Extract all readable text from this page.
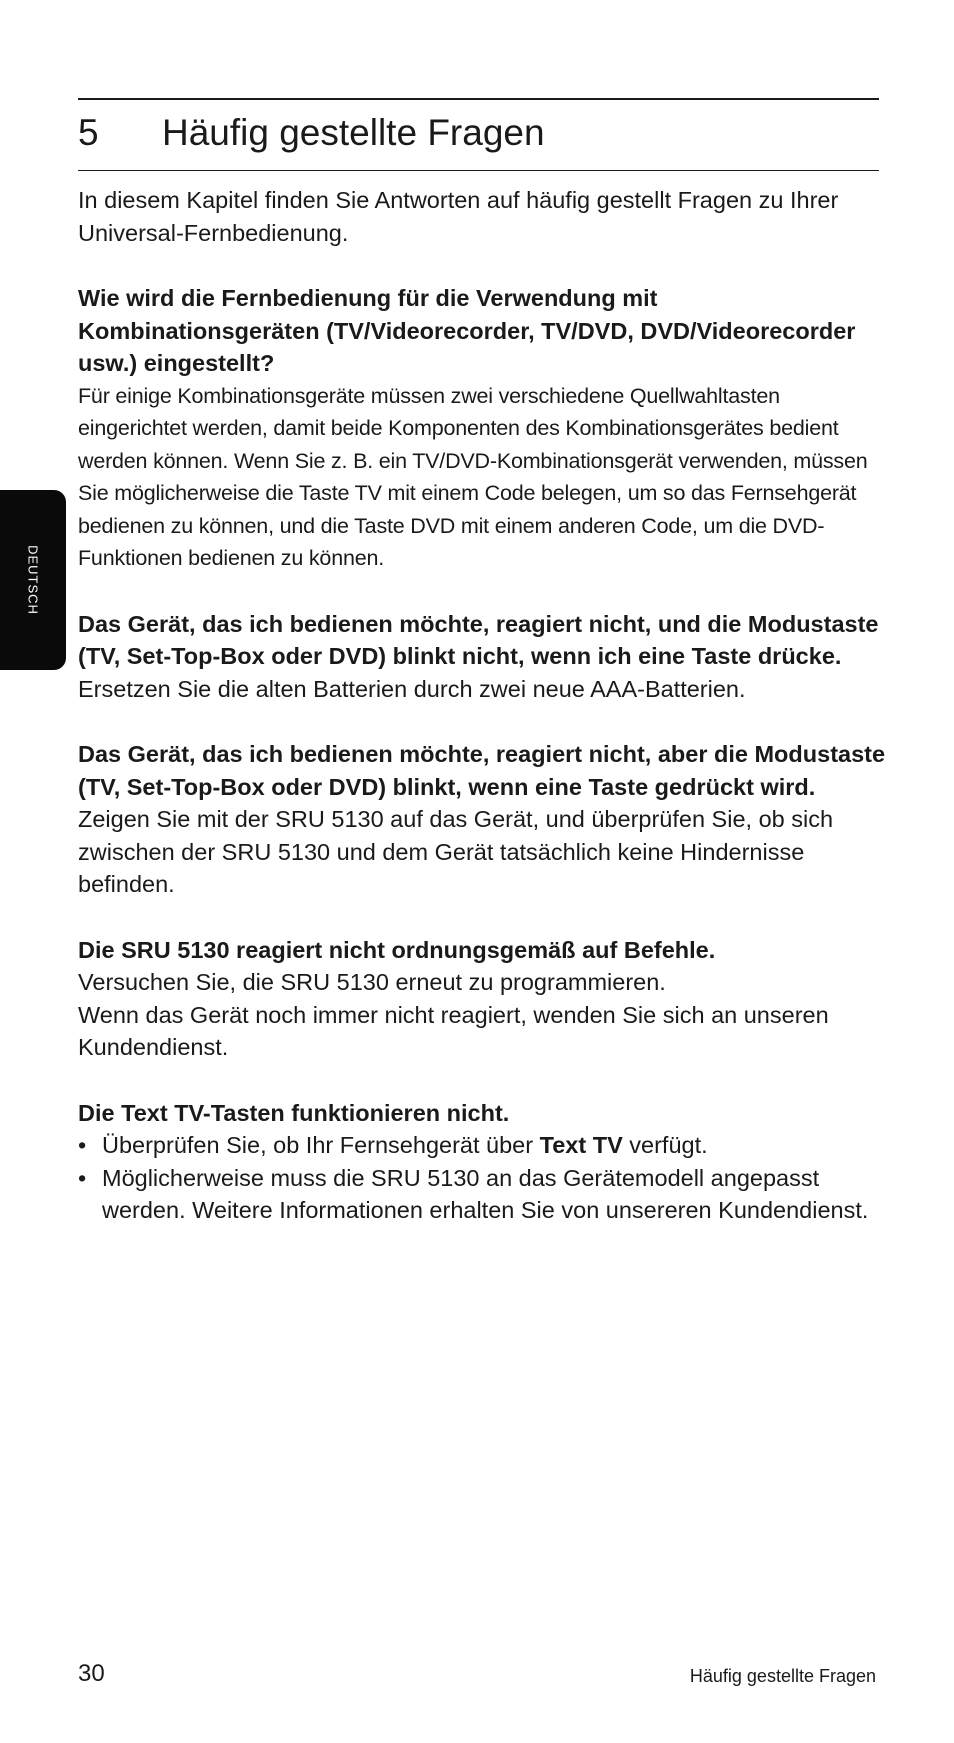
5 Häufig gestellte Fragen
DEUTSCH

In diesem Kapitel finden Sie Antworten auf häufig gestellt Fragen zu Ihrer Universal-Fernbedienung.

Wie wird die Fernbedienung für die Verwendung mit Kombinationsgeräten (TV/Videorecorder, TV/DVD, DVD/Videorecorder usw.) eingestellt?

Für einige Kombinationsgeräte müssen zwei verschiedene Quellwahltasten eingerichtet werden, damit beide Komponenten des Kombinationsgerätes bedient werden können. Wenn Sie z. B. ein TV/DVD-Kombinationsgerät verwenden, müssen Sie möglicherweise die Taste TV mit einem Code belegen, um so das Fernsehgerät bedienen zu können, und die Taste DVD mit einem anderen Code, um die DVD-Funktionen bedienen zu können.

Das Gerät, das ich bedienen möchte, reagiert nicht, und die Modustaste (TV, Set-Top-Box oder DVD) blinkt nicht, wenn ich eine Taste drücke.

Ersetzen Sie die alten Batterien durch zwei neue AAA-Batterien.

Das Gerät, das ich bedienen möchte, reagiert nicht, aber die Modustaste (TV, Set-Top-Box oder DVD) blinkt, wenn eine Taste gedrückt wird.

Zeigen Sie mit der SRU 5130 auf das Gerät, und überprüfen Sie, ob sich zwischen der SRU 5130 und dem Gerät tatsächlich keine Hindernisse befinden.

Die SRU 5130 reagiert nicht ordnungsgemäß auf Befehle.

Versuchen Sie, die SRU 5130 erneut zu programmieren.

Wenn das Gerät noch immer nicht reagiert, wenden Sie sich an unseren Kundendienst.

Die Text TV-Tasten funktionieren nicht.

• Überprüfen Sie, ob Ihr Fernsehgerät über Text TV verfügt.
• Möglicherweise muss die SRU 5130 an das Gerätemodell angepasst werden. Weitere Informationen erhalten Sie von unsereren Kundendienst.
30	Häufig gestellte Fragen
